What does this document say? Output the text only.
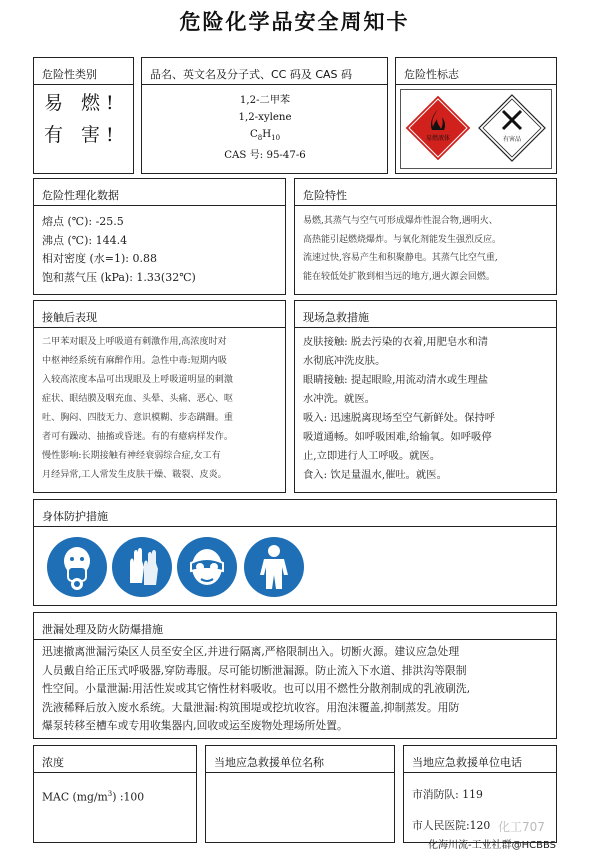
危险化学品安全周知卡
危险性类别
易 燃!
有 害!
品名、英文名及分子式、CC 码及 CAS 码
1,2-二甲苯
1,2-xylene
$C_8H_{10}$
CAS 号: 95-47-6
危险性标志
易燃液体	有害品
危险性理化数据
熔点 (℃): -25.5
沸点 (℃): 144.4
相对密度 (水=1): 0.88
饱和蒸气压 (kPa): 1.33(32℃)
危险特性
易燃,其蒸气与空气可形成爆炸性混合物,遇明火、
高热能引起燃烧爆炸。与氧化剂能发生强烈反应。
流速过快,容易产生和积聚静电。其蒸气比空气重,
能在较低处扩散到相当远的地方,遇火源会回燃。
接触后表现
二甲苯对眼及上呼吸道有刺激作用,高浓度时对
中枢神经系统有麻醉作用。急性中毒:短期内吸
入较高浓度本品可出现眼及上呼吸道明显的刺激
症状、眼结膜及咽充血、头晕、头痛、恶心、呕
吐、胸闷、四肢无力、意识模糊、步态蹒跚。重
者可有躁动、抽搐或昏迷。有的有癔病样发作。
慢性影响:长期接触有神经衰弱综合症,女工有
月经异常,工人常发生皮肤干燥、皲裂、皮炎。
现场急救措施
皮肤接触: 脱去污染的衣着,用肥皂水和清
水彻底冲洗皮肤。
眼睛接触: 提起眼睑,用流动清水或生理盐
水冲洗。就医。
吸入: 迅速脱离现场至空气新鲜处。保持呼
吸道通畅。如呼吸困难,给输氧。如呼吸停
止,立即进行人工呼吸。就医。
食入: 饮足量温水,催吐。就医。
身体防护措施
泄漏处理及防火防爆措施
迅速撤离泄漏污染区人员至安全区,并进行隔离,严格限制出入。切断火源。建议应急处理
人员戴自给正压式呼吸器,穿防毒服。尽可能切断泄漏源。防止流入下水道、排洪沟等限制
性空间。小量泄漏:用活性炭或其它惰性材料吸收。也可以用不燃性分散剂制成的乳液刷洗,
洗液稀释后放入废水系统。大量泄漏:构筑围堤或挖坑收容。用泡沫覆盖,抑制蒸发。用防
爆泵转移至槽车或专用收集器内,回收或运至废物处理场所处置。
浓度
MAC $(mg/m^3)$ :100
当地应急救援单位名称	当地应急救援单位电话
市消防队: 119
市人民医院:120 化工707
化海川流-工业社群@HCBBS
